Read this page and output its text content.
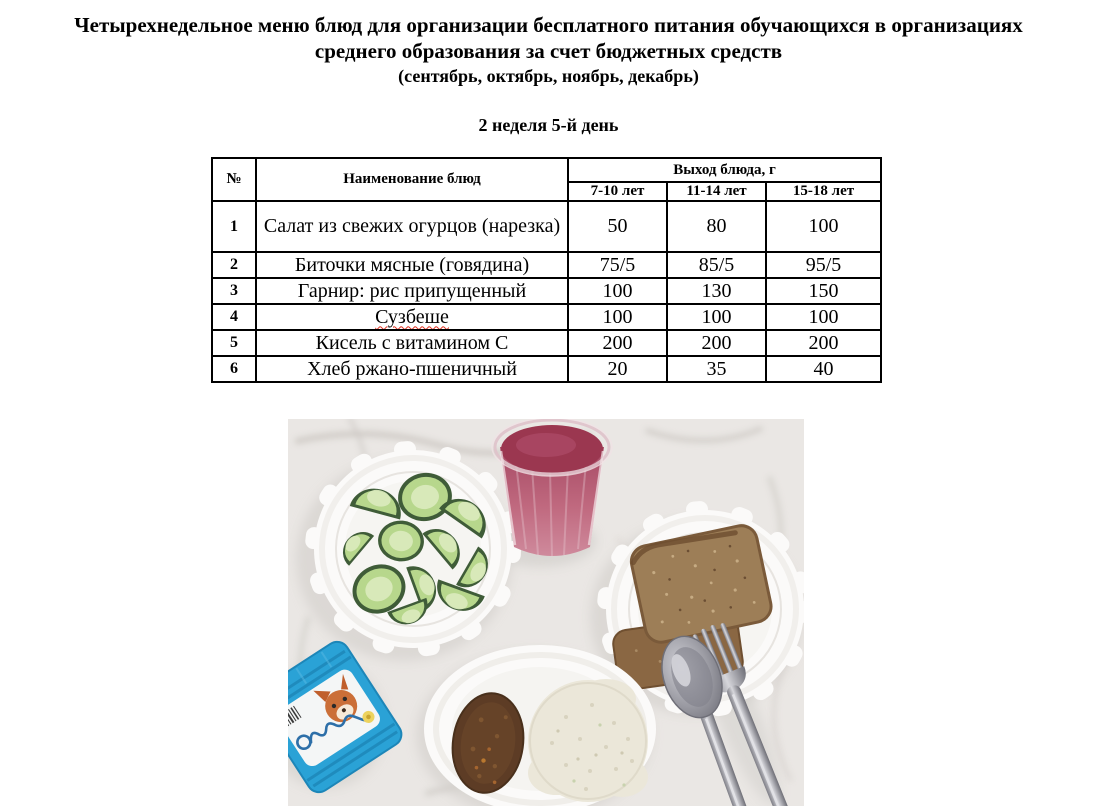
Четырехнедельное меню блюд для организации бесплатного питания обучающихся в организациях
среднего образования за счет бюджетных средств
(сентябрь, октябрь, ноябрь, декабрь)
2 неделя 5-й день
№	Наименование блюд	Выход блюда, г		
		7-10 лет	11-14 лет	15-18 лет
1	Салат из свежих огурцов (нарезка)	50	80	100
2	Биточки мясные (говядина)	75/5	85/5	95/5
3	Гарнир: рис припущенный	100	130	150
4	Сузбеше	100	100	100
5	Кисель с витамином С	200	200	200
6	Хлеб ржано-пшеничный	20	35	40
